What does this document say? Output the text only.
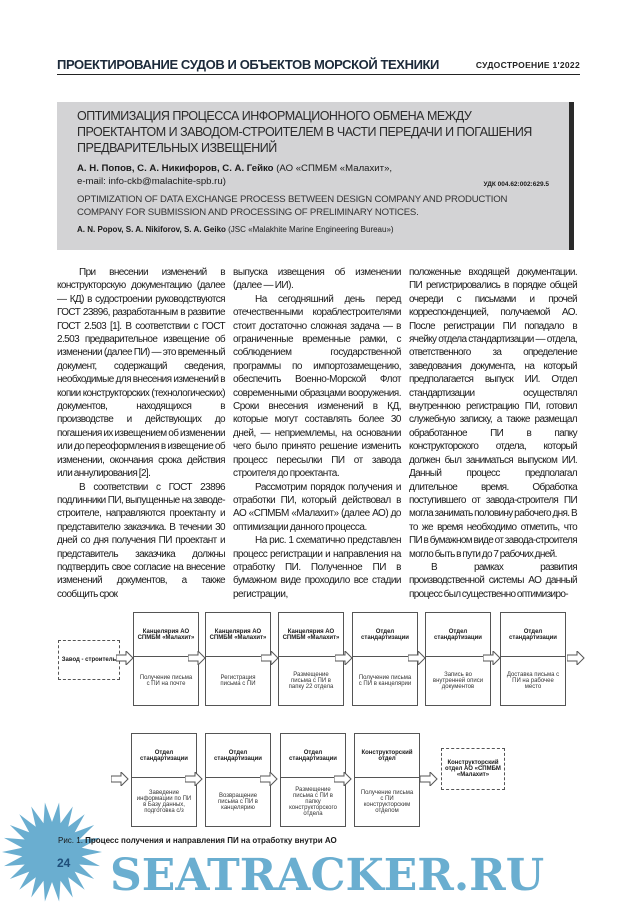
ПРОЕКТИРОВАНИЕ СУДОВ И ОБЪЕКТОВ МОРСКОЙ ТЕХНИКИ	СУДОСТРОЕНИЕ 1'2022
ОПТИМИЗАЦИЯ ПРОЦЕССА ИНФОРМАЦИОННОГО ОБМЕНА МЕЖДУ ПРОЕКТАНТОМ И ЗАВОДОМ-СТРОИТЕЛЕМ В ЧАСТИ ПЕРЕДАЧИ И ПОГАШЕНИЯ ПРЕДВАРИТЕЛЬНЫХ ИЗВЕЩЕНИЙ
А. Н. Попов, С. А. Никифоров, С. А. Гейко (АО «СПМБМ «Малахит»,
e-mail: info-ckb@malachite-spb.ru)	УДК 004.62:002:629.5
OPTIMIZATION OF DATA EXCHANGE PROCESS BETWEEN DESIGN COMPANY AND PRODUCTION COMPANY FOR SUBMISSION AND PROCESSING OF PRELIMINARY NOTICES.
A. N. Popov, S. A. Nikiforov, S. A. Geiko (JSC «Malakhite Marine Engineering Bureau»)

При внесении изменений в конструкторскую документацию (далее — КД) в судостроении руководствуются ГОСТ 23896, разработанным в развитие ГОСТ 2.503 [1]. В соответствии с ГОСТ 2.503 предварительное извещение об изменении (далее ПИ) — это временный документ, содержащий сведения, необходимые для внесения изменений в копии конструкторских (технологических) документов, находящихся в производстве и действующих до погашения их извещением об изменении или до переоформления в извещение об изменении, окончания срока действия или аннулирования [2].

В соответствии с ГОСТ 23896 подлинники ПИ, выпущенные на заводе-строителе, направляются проектанту и представителю заказчика. В течении 30 дней со дня получения ПИ проектант и представитель заказчика должны подтвердить свое согласие на внесение изменений документов, а также сообщить срок

выпуска извещения об изменении (далее — ИИ).

На сегодняшний день перед отечественными кораблестроителями стоит достаточно сложная задача — в ограниченные временные рамки, с соблюдением государственной программы по импортозамещению, обеспечить Военно-Морской Флот современными образцами вооружения. Сроки внесения изменений в КД, которые могут составлять более 30 дней, — неприемлемы, на основании чего было принято решение изменить процесс пересылки ПИ от завода строителя до проектанта.

Рассмотрим порядок получения и отработки ПИ, который действовал в АО «СПМБМ «Малахит» (далее АО) до оптимизации данного процесса.

На рис. 1 схематично представлен процесс регистрации и направления на отработку ПИ. Полученное ПИ в бумажном виде проходило все стадии регистрации,

положенные входящей документации. ПИ регистрировались в порядке общей очереди с письмами и прочей корреспонденцией, получаемой АО. После регистрации ПИ попадало в ячейку отдела стандартизации — отдела, ответственного за определение заведования документа, на который предполагается выпуск ИИ. Отдел стандартизации осуществлял внутреннюю регистрацию ПИ, готовил служебную записку, а также размещал обработанное ПИ в папку конструкторского отдела, который должен был заниматься выпуском ИИ. Данный процесс предполагал длительное время. Обработка поступившего от завода-строителя ПИ могла занимать половину рабочего дня. В то же время необходимо отметить, что ПИ в бумажном виде от завода-строителя могло быть в пути до 7 рабочих дней.

В рамках развития производственной системы АО данный процесс был существенно оптимизиро-

Завод - строитель
Канцелярия АО СПМБМ «Малахит»
Получение письма с ПИ на почте
Канцелярия АО СПМБМ «Малахит»
Регистрация письма с ПИ
Канцелярия АО СПМБМ «Малахит»
Размещение письма с ПИ в папку 22 отдела
Отдел стандартизации
Получение письма с ПИ в канцелярии
Отдел стандартизации
Запись во внутренней описи документов
Отдел стандартизации
Доставка письма с ПИ на рабочее место
Отдел стандартизации
Заведение информации по ПИ в Базу данных, подготовка с/з
Отдел стандартизации
Возвращение письма с ПИ в канцелярию
Отдел стандартизации
Размещение письма с ПИ в папку конструкторского отдела
Конструкторский отдел
Получение письма с ПИ конструкторским отделом
Конструкторский отдел АО «СПМБМ «Малахит»
SEATRACKER.RU
Рис. 1. Процесс получения и направления ПИ на отработку внутри АО
24
